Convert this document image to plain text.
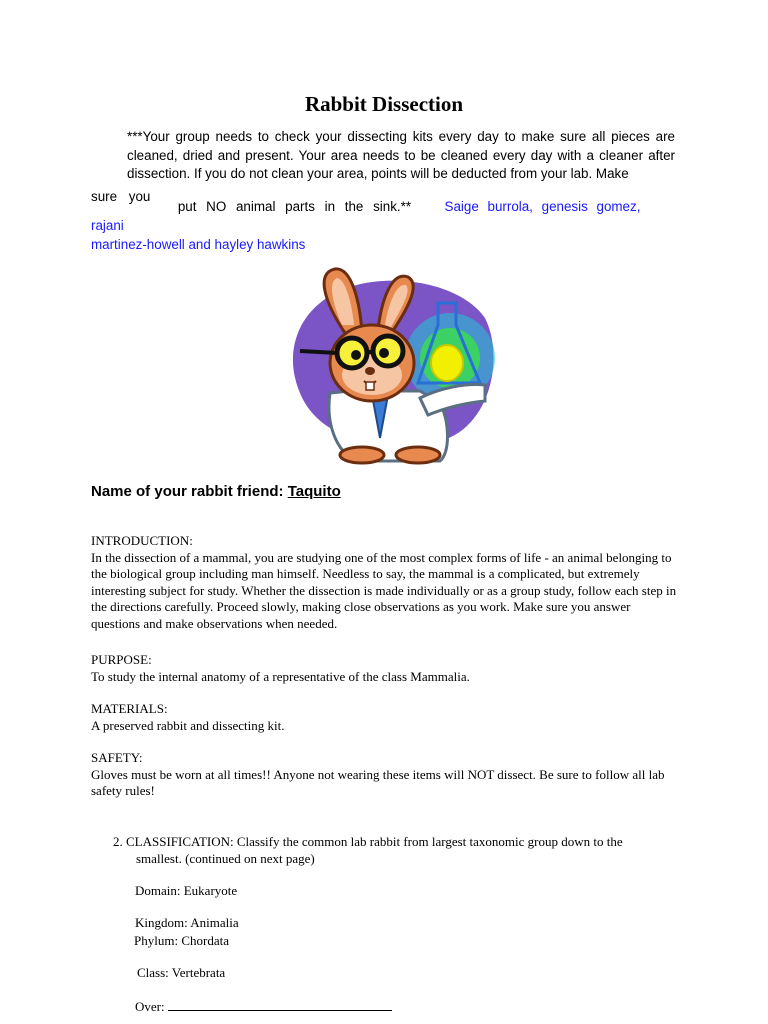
Rabbit Dissection
***Your group needs to check your dissecting kits every day to make sure all pieces are cleaned, dried and present. Your area needs to be cleaned every day with a cleaner after dissection. If you do not clean your area, points will be deducted from your lab. Make
sure you  put NO animal parts in the sink.** Saige burrola, genesis gomez, rajani
martinez-howell and hayley hawkins
Name of your rabbit friend: Taquito
INTRODUCTION:
In the dissection of a mammal, you are studying one of the most complex forms of life - an animal belonging to the biological group including man himself. Needless to say, the mammal is a complicated, but extremely interesting subject for study. Whether the dissection is made individually or as a group study, follow each step in the directions carefully. Proceed slowly, making close observations as you work. Make sure you answer questions and make observations when needed.
PURPOSE:
To study the internal anatomy of a representative of the class Mammalia.
MATERIALS:
A preserved rabbit and dissecting kit.
SAFETY:
Gloves must be worn at all times!! Anyone not wearing these items will NOT dissect. Be sure to follow all lab safety rules!
2. CLASSIFICATION: Classify the common lab rabbit from largest taxonomic group down to the
smallest. (continued on next page)
Domain: Eukaryote
Kingdom: Animalia
Phylum: Chordata
Class: Vertebrata
Over:
